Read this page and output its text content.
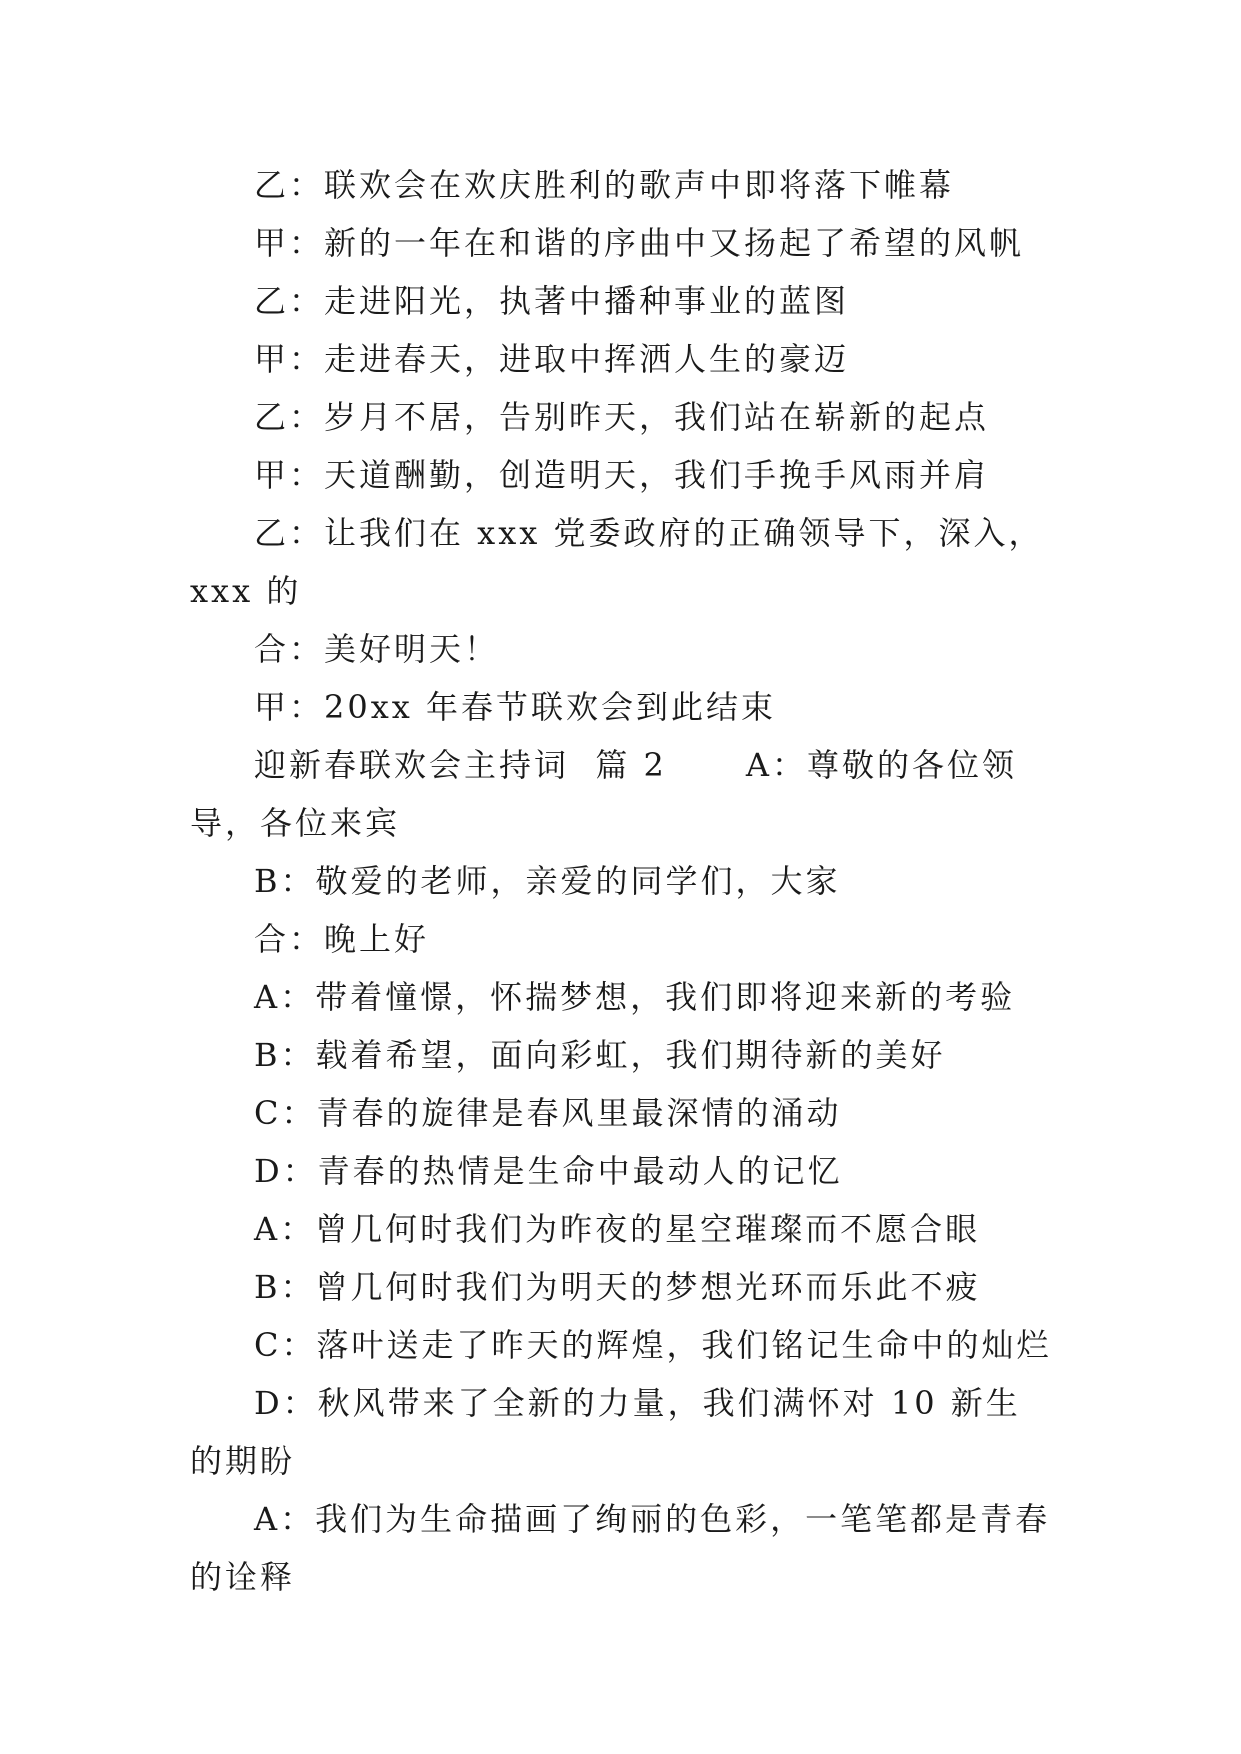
乙：联欢会在欢庆胜利的歌声中即将落下帷幕

甲：新的一年在和谐的序曲中又扬起了希望的风帆

乙：走进阳光，执著中播种事业的蓝图

甲：走进春天，进取中挥洒人生的豪迈

乙：岁月不居，告别昨天，我们站在崭新的起点

甲：天道酬勤，创造明天，我们手挽手风雨并肩

乙：让我们在 xxx 党委政府的正确领导下，深入，xxx 的

合：美好明天！

甲：20xx 年春节联欢会到此结束

迎新春联欢会主持词  篇 2      A：尊敬的各位领导，各位来宾

B：敬爱的老师，亲爱的同学们，大家

合：晚上好

A：带着憧憬，怀揣梦想，我们即将迎来新的考验

B：载着希望，面向彩虹，我们期待新的美好

C：青春的旋律是春风里最深情的涌动

D：青春的热情是生命中最动人的记忆

A：曾几何时我们为昨夜的星空璀璨而不愿合眼

B：曾几何时我们为明天的梦想光环而乐此不疲

C：落叶送走了昨天的辉煌，我们铭记生命中的灿烂

D：秋风带来了全新的力量，我们满怀对 10 新生的期盼

A：我们为生命描画了绚丽的色彩，一笔笔都是青春的诠释
